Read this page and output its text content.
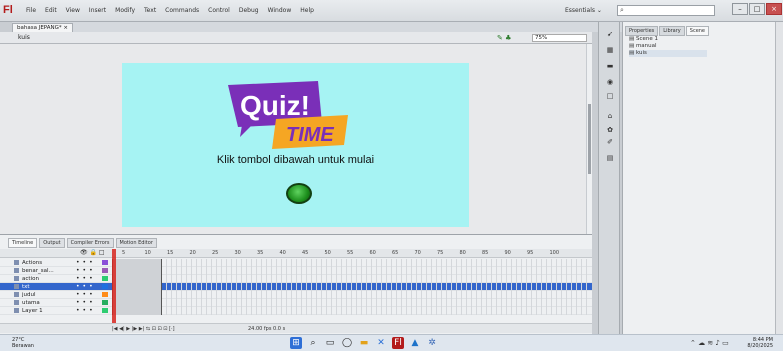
Fl File Edit View Insert Modify Text Commands Control Debug Window Help	Essentials ⌄	⌕	–	□	×
bahasa JEPANG* ×
kuis	✎ ♣	75%
Quiz!
TIME
Klik tombol dibawah untuk mulai
➹
▦
▬
◉
□
⌂
✿
✐
▤
Properties	Library	Scene
▤ Scene 1
▤ manual
▤ kuis
Timeline	Output	Compiler Errors	Motion Editor
👁 🔒 □	5	10	15	20	25	30	35	40	45	50	55	60	65	70	75	80	85	90	95	100
Actions	•••
benar_sal...	•••
action	•••
txt	•••
judul	•••
utama	•••
Layer 1	•••
|◀ ◀| ▶ |▶ ▶| ⇆ ⊡ ⊡ ⊡ [·]	24.00 fps 0.0 s
27°C
Berawan	⊞	⌕	▭ ◯ ▬ ✕ Fl ▲ ✲	⌃ ☁ ≋ ♪ ▭	8:44 PM
8/20/2025
